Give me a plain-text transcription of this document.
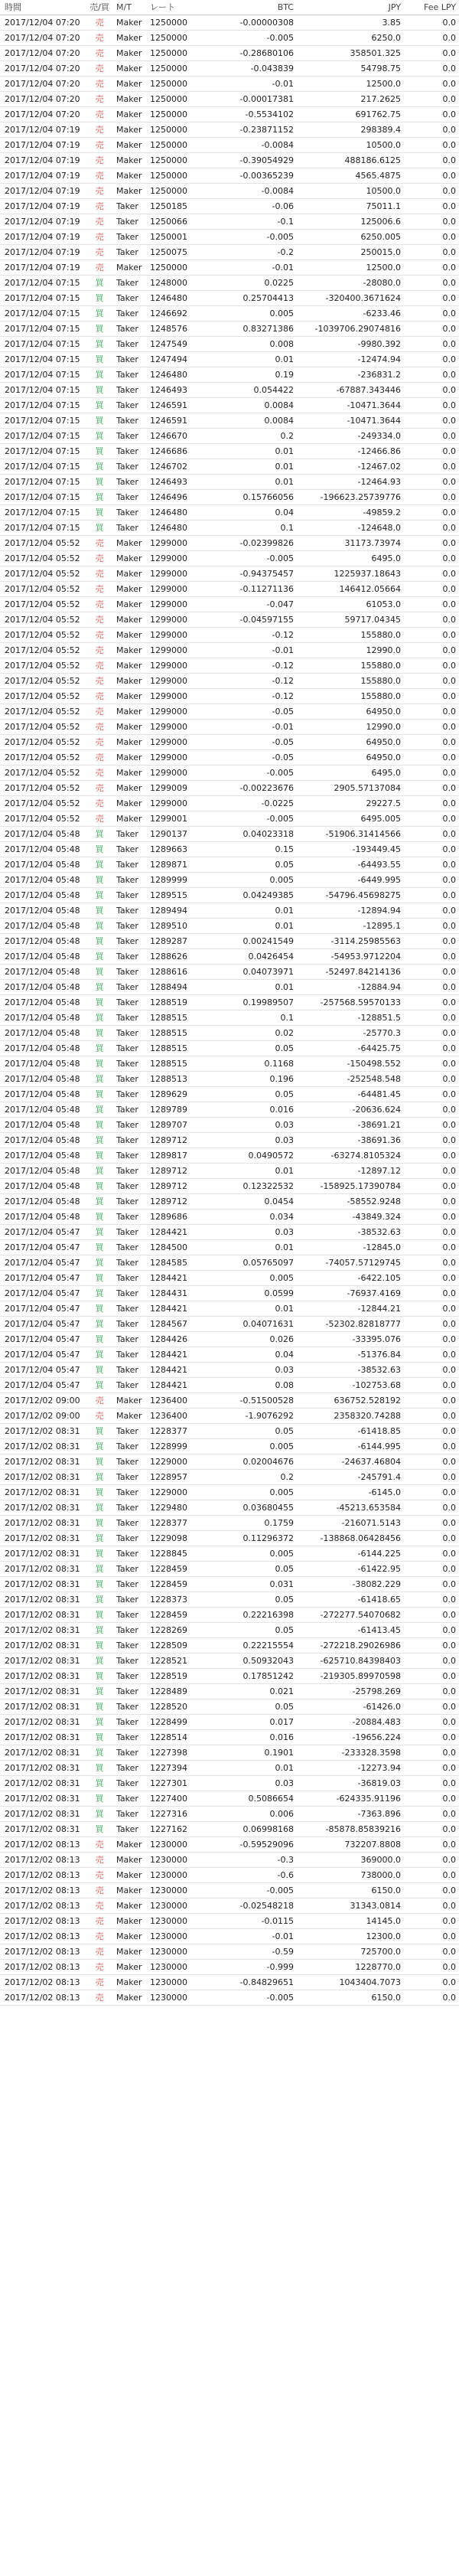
時間	売/買 M/T	レート	BTC	JPY	Fee LPY
2017/12/04 07:20	売	Maker 1250000	-0.00000308	3.85	0.0
2017/12/04 07:20	売	Maker 1250000	-0.005	6250.0	0.0
2017/12/04 07:20	売	Maker 1250000	-0.28680106	358501.325	0.0
2017/12/04 07:20	売	Maker 1250000	-0.043839	54798.75	0.0
2017/12/04 07:20	売	Maker 1250000	-0.01	12500.0	0.0
2017/12/04 07:20	売	Maker 1250000	-0.00017381	217.2625	0.0
2017/12/04 07:20	売	Maker 1250000	-0.5534102	691762.75	0.0
2017/12/04 07:19	売	Maker 1250000	-0.23871152	298389.4	0.0
2017/12/04 07:19	売	Maker 1250000	-0.0084	10500.0	0.0
2017/12/04 07:19	売	Maker 1250000	-0.39054929	488186.6125	0.0
2017/12/04 07:19	売	Maker 1250000	-0.00365239	4565.4875	0.0
2017/12/04 07:19	売	Maker 1250000	-0.0084	10500.0	0.0
2017/12/04 07:19	売	Taker	1250185	-0.06	75011.1	0.0
2017/12/04 07:19	売	Taker	1250066	-0.1	125006.6	0.0
2017/12/04 07:19	売	Taker	1250001	-0.005	6250.005	0.0
2017/12/04 07:19	売	Taker	1250075	-0.2	250015.0	0.0
2017/12/04 07:19	売	Maker 1250000	-0.01	12500.0	0.0
2017/12/04 07:15	買	Taker	1248000	0.0225	-28080.0	0.0
2017/12/04 07:15	買	Taker	1246480	0.25704413	-320400.3671624	0.0
2017/12/04 07:15	買	Taker	1246692	0.005	-6233.46	0.0
2017/12/04 07:15	買	Taker	1248576	0.83271386	-1039706.29074816	0.0
2017/12/04 07:15	買	Taker	1247549	0.008	-9980.392	0.0
2017/12/04 07:15	買	Taker	1247494	0.01	-12474.94	0.0
2017/12/04 07:15	買	Taker	1246480	0.19	-236831.2	0.0
2017/12/04 07:15	買	Taker	1246493	0.054422	-67887.343446	0.0
2017/12/04 07:15	買	Taker	1246591	0.0084	-10471.3644	0.0
2017/12/04 07:15	買	Taker	1246591	0.0084	-10471.3644	0.0
2017/12/04 07:15	買	Taker	1246670	0.2	-249334.0	0.0
2017/12/04 07:15	買	Taker	1246686	0.01	-12466.86	0.0
2017/12/04 07:15	買	Taker	1246702	0.01	-12467.02	0.0
2017/12/04 07:15	買	Taker	1246493	0.01	-12464.93	0.0
2017/12/04 07:15	買	Taker	1246496	0.15766056	-196623.25739776	0.0
2017/12/04 07:15	買	Taker	1246480	0.04	-49859.2	0.0
2017/12/04 07:15	買	Taker	1246480	0.1	-124648.0	0.0
2017/12/04 05:52	売	Maker 1299000	-0.02399826	31173.73974	0.0
2017/12/04 05:52	売	Maker 1299000	-0.005	6495.0	0.0
2017/12/04 05:52	売	Maker 1299000	-0.94375457	1225937.18643	0.0
2017/12/04 05:52	売	Maker 1299000	-0.11271136	146412.05664	0.0
2017/12/04 05:52	売	Maker 1299000	-0.047	61053.0	0.0
2017/12/04 05:52	売	Maker 1299000	-0.04597155	59717.04345	0.0
2017/12/04 05:52	売	Maker 1299000	-0.12	155880.0	0.0
2017/12/04 05:52	売	Maker 1299000	-0.01	12990.0	0.0
2017/12/04 05:52	売	Maker 1299000	-0.12	155880.0	0.0
2017/12/04 05:52	売	Maker 1299000	-0.12	155880.0	0.0
2017/12/04 05:52	売	Maker 1299000	-0.12	155880.0	0.0
2017/12/04 05:52	売	Maker 1299000	-0.05	64950.0	0.0
2017/12/04 05:52	売	Maker 1299000	-0.01	12990.0	0.0
2017/12/04 05:52	売	Maker 1299000	-0.05	64950.0	0.0
2017/12/04 05:52	売	Maker 1299000	-0.05	64950.0	0.0
2017/12/04 05:52	売	Maker 1299000	-0.005	6495.0	0.0
2017/12/04 05:52	売	Maker 1299009	-0.00223676	2905.57137084	0.0
2017/12/04 05:52	売	Maker 1299000	-0.0225	29227.5	0.0
2017/12/04 05:52	売	Maker 1299001	-0.005	6495.005	0.0
2017/12/04 05:48	買	Taker	1290137	0.04023318	-51906.31414566	0.0
2017/12/04 05:48	買	Taker	1289663	0.15	-193449.45	0.0
2017/12/04 05:48	買	Taker	1289871	0.05	-64493.55	0.0
2017/12/04 05:48	買	Taker	1289999	0.005	-6449.995	0.0
2017/12/04 05:48	買	Taker	1289515	0.04249385	-54796.45698275	0.0
2017/12/04 05:48	買	Taker	1289494	0.01	-12894.94	0.0
2017/12/04 05:48	買	Taker	1289510	0.01	-12895.1	0.0
2017/12/04 05:48	買	Taker	1289287	0.00241549	-3114.25985563	0.0
2017/12/04 05:48	買	Taker	1288626	0.0426454	-54953.9712204	0.0
2017/12/04 05:48	買	Taker	1288616	0.04073971	-52497.84214136	0.0
2017/12/04 05:48	買	Taker	1288494	0.01	-12884.94	0.0
2017/12/04 05:48	買	Taker	1288519	0.19989507	-257568.59570133	0.0
2017/12/04 05:48	買	Taker	1288515	0.1	-128851.5	0.0
2017/12/04 05:48	買	Taker	1288515	0.02	-25770.3	0.0
2017/12/04 05:48	買	Taker	1288515	0.05	-64425.75	0.0
2017/12/04 05:48	買	Taker	1288515	0.1168	-150498.552	0.0
2017/12/04 05:48	買	Taker	1288513	0.196	-252548.548	0.0
2017/12/04 05:48	買	Taker	1289629	0.05	-64481.45	0.0
2017/12/04 05:48	買	Taker	1289789	0.016	-20636.624	0.0
2017/12/04 05:48	買	Taker	1289707	0.03	-38691.21	0.0
2017/12/04 05:48	買	Taker	1289712	0.03	-38691.36	0.0
2017/12/04 05:48	買	Taker	1289817	0.0490572	-63274.8105324	0.0
2017/12/04 05:48	買	Taker	1289712	0.01	-12897.12	0.0
2017/12/04 05:48	買	Taker	1289712	0.12322532	-158925.17390784	0.0
2017/12/04 05:48	買	Taker	1289712	0.0454	-58552.9248	0.0
2017/12/04 05:48	買	Taker	1289686	0.034	-43849.324	0.0
2017/12/04 05:47	買	Taker	1284421	0.03	-38532.63	0.0
2017/12/04 05:47	買	Taker	1284500	0.01	-12845.0	0.0
2017/12/04 05:47	買	Taker	1284585	0.05765097	-74057.57129745	0.0
2017/12/04 05:47	買	Taker	1284421	0.005	-6422.105	0.0
2017/12/04 05:47	買	Taker	1284431	0.0599	-76937.4169	0.0
2017/12/04 05:47	買	Taker	1284421	0.01	-12844.21	0.0
2017/12/04 05:47	買	Taker	1284567	0.04071631	-52302.82818777	0.0
2017/12/04 05:47	買	Taker	1284426	0.026	-33395.076	0.0
2017/12/04 05:47	買	Taker	1284421	0.04	-51376.84	0.0
2017/12/04 05:47	買	Taker	1284421	0.03	-38532.63	0.0
2017/12/04 05:47	買	Taker	1284421	0.08	-102753.68	0.0
2017/12/02 09:00	売	Maker 1236400	-0.51500528	636752.528192	0.0
2017/12/02 09:00	売	Maker 1236400	-1.9076292	2358320.74288	0.0
2017/12/02 08:31	買	Taker	1228377	0.05	-61418.85	0.0
2017/12/02 08:31	買	Taker	1228999	0.005	-6144.995	0.0
2017/12/02 08:31	買	Taker	1229000	0.02004676	-24637.46804	0.0
2017/12/02 08:31	買	Taker	1228957	0.2	-245791.4	0.0
2017/12/02 08:31	買	Taker	1229000	0.005	-6145.0	0.0
2017/12/02 08:31	買	Taker	1229480	0.03680455	-45213.653584	0.0
2017/12/02 08:31	買	Taker	1228377	0.1759	-216071.5143	0.0
2017/12/02 08:31	買	Taker	1229098	0.11296372	-138868.06428456	0.0
2017/12/02 08:31	買	Taker	1228845	0.005	-6144.225	0.0
2017/12/02 08:31	買	Taker	1228459	0.05	-61422.95	0.0
2017/12/02 08:31	買	Taker	1228459	0.031	-38082.229	0.0
2017/12/02 08:31	買	Taker	1228373	0.05	-61418.65	0.0
2017/12/02 08:31	買	Taker	1228459	0.22216398	-272277.54070682	0.0
2017/12/02 08:31	買	Taker	1228269	0.05	-61413.45	0.0
2017/12/02 08:31	買	Taker	1228509	0.22215554	-272218.29026986	0.0
2017/12/02 08:31	買	Taker	1228521	0.50932043	-625710.84398403	0.0
2017/12/02 08:31	買	Taker	1228519	0.17851242	-219305.89970598	0.0
2017/12/02 08:31	買	Taker	1228489	0.021	-25798.269	0.0
2017/12/02 08:31	買	Taker	1228520	0.05	-61426.0	0.0
2017/12/02 08:31	買	Taker	1228499	0.017	-20884.483	0.0
2017/12/02 08:31	買	Taker	1228514	0.016	-19656.224	0.0
2017/12/02 08:31	買	Taker	1227398	0.1901	-233328.3598	0.0
2017/12/02 08:31	買	Taker	1227394	0.01	-12273.94	0.0
2017/12/02 08:31	買	Taker	1227301	0.03	-36819.03	0.0
2017/12/02 08:31	買	Taker	1227400	0.5086654	-624335.91196	0.0
2017/12/02 08:31	買	Taker	1227316	0.006	-7363.896	0.0
2017/12/02 08:31	買	Taker	1227162	0.06998168	-85878.85839216	0.0
2017/12/02 08:13	売	Maker 1230000	-0.59529096	732207.8808	0.0
2017/12/02 08:13	売	Maker 1230000	-0.3	369000.0	0.0
2017/12/02 08:13	売	Maker 1230000	-0.6	738000.0	0.0
2017/12/02 08:13	売	Maker 1230000	-0.005	6150.0	0.0
2017/12/02 08:13	売	Maker 1230000	-0.02548218	31343.0814	0.0
2017/12/02 08:13	売	Maker 1230000	-0.0115	14145.0	0.0
2017/12/02 08:13	売	Maker 1230000	-0.01	12300.0	0.0
2017/12/02 08:13	売	Maker 1230000	-0.59	725700.0	0.0
2017/12/02 08:13	売	Maker 1230000	-0.999	1228770.0	0.0
2017/12/02 08:13	売	Maker 1230000	-0.84829651	1043404.7073	0.0
2017/12/02 08:13	売	Maker 1230000	-0.005	6150.0	0.0
